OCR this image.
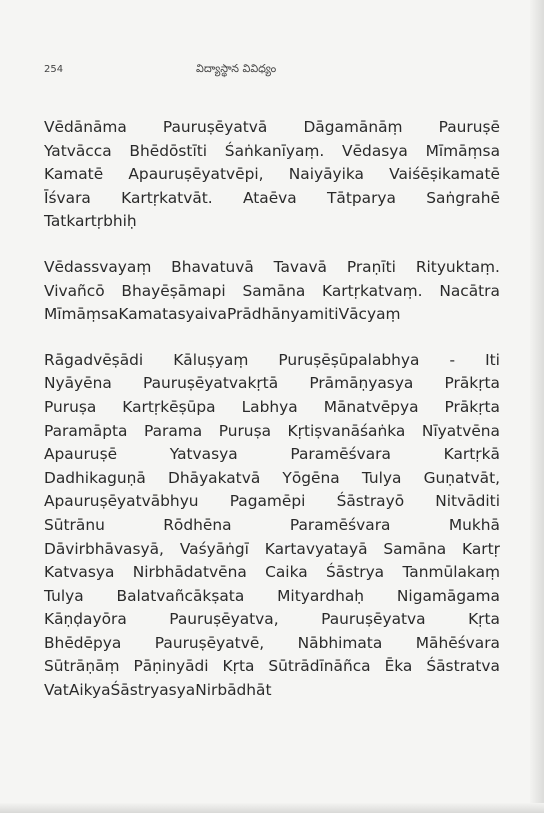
254	విద్యాస్థాన వివిధ్యం
Vēdānāma Pauruṣēyatvā Dāgamānāṃ Pauruṣē
Yatvācca Bhēdōstīti Śaṅkanīyaṃ. Vēdasya Mīmāṃsa
Kamatē Apauruṣēyatvēpi, Naiyāyika Vaiśēṣikamatē
Īśvara Kartṛkatvāt. Ataēva Tātparya Saṅgrahē
Tatkartṛbhiḥ
Vēdassvayaṃ Bhavatuvā Tavavā Praṇīti Rityuktaṃ.
Vivañcō Bhayēṣāmapi Samāna Kartṛkatvaṃ. Nacātra
Mīmāṃsa Kamatasyaiva Prādhānyamiti Vācyaṃ
Rāgadvēṣādi Kāluṣyaṃ Puruṣēṣūpalabhya - Iti
Nyāyēna Pauruṣēyatvakṛtā Prāmāṇyasya Prākṛta
Puruṣa Kartṛkēṣūpa Labhya Mānatvēpya Prākṛta
Paramāpta Parama Puruṣa Kṛtiṣvanāśaṅka Nīyatvēna
Apauruṣē	Yatvasya	Paramēśvara	Kartṛkā
Dadhikaguṇā Dhāyakatvā Yōgēna Tulya Guṇatvāt,
Apauruṣēyatvābhyu Pagamēpi Śāstrayō Nitvāditi
Sūtrānu	Rōdhēna	Paramēśvara	Mukhā
Dāvirbhāvasyā, Vaśyāṅgī Kartavyatayā Samāna Kartṛ
Katvasya Nirbhādatvēna Caika Śāstrya Tanmūlakaṃ
Tulya Balatvañcākṣata Mityardhaḥ Nigamāgama
Kāṇḍayōra	Pauruṣēyatva,	Pauruṣēyatva	Kṛta
Bhēdēpya Pauruṣēyatvē, Nābhimata Māhēśvara
Sūtrāṇāṃ Pāṇinyādi Kṛta Sūtrādīnāñca Ēka Śāstratva
Vat Aikya Śāstryasya Nirbādhāt
